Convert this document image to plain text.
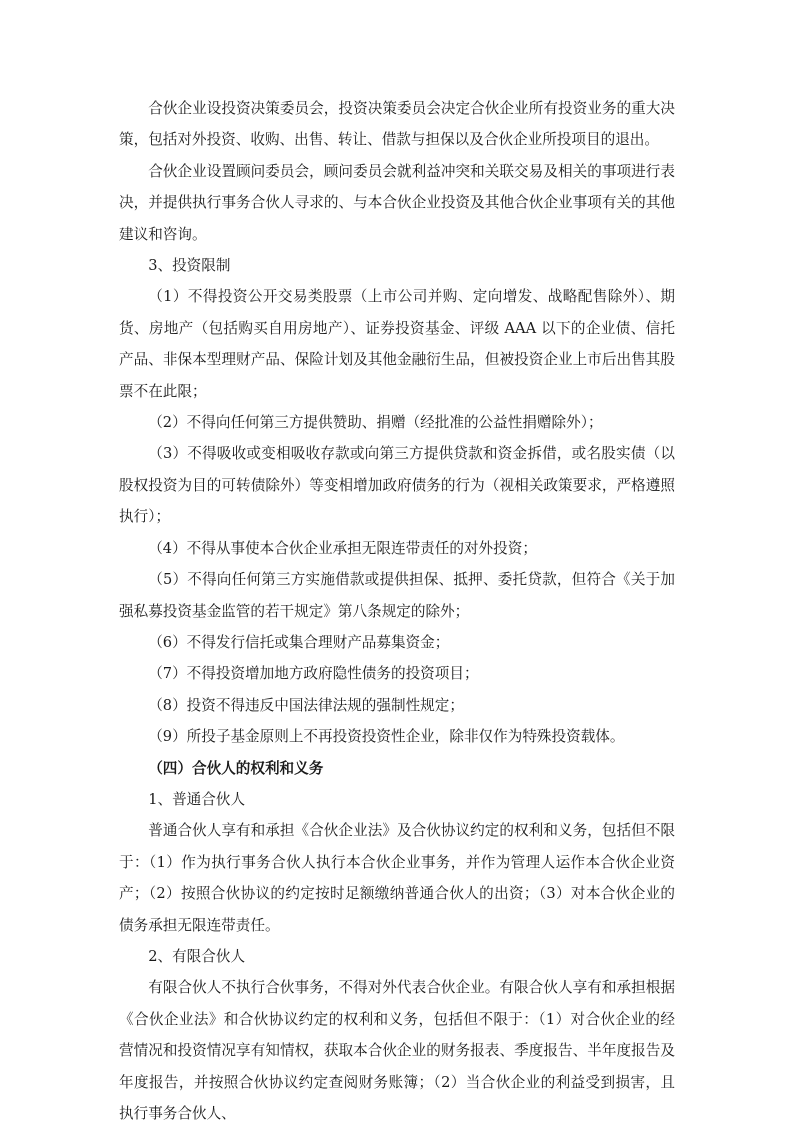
合伙企业设投资决策委员会，投资决策委员会决定合伙企业所有投资业务的重大决策，包括对外投资、收购、出售、转让、借款与担保以及合伙企业所投项目的退出。

合伙企业设置顾问委员会，顾问委员会就利益冲突和关联交易及相关的事项进行表决，并提供执行事务合伙人寻求的、与本合伙企业投资及其他合伙企业事项有关的其他建议和咨询。

3、投资限制

（1）不得投资公开交易类股票（上市公司并购、定向增发、战略配售除外）、期货、房地产（包括购买自用房地产）、证券投资基金、评级 AAA 以下的企业债、信托产品、非保本型理财产品、保险计划及其他金融衍生品，但被投资企业上市后出售其股票不在此限；

（2）不得向任何第三方提供赞助、捐赠（经批准的公益性捐赠除外）；

（3）不得吸收或变相吸收存款或向第三方提供贷款和资金拆借，或名股实债（以股权投资为目的可转债除外）等变相增加政府债务的行为（视相关政策要求，严格遵照执行）；

（4）不得从事使本合伙企业承担无限连带责任的对外投资；

（5）不得向任何第三方实施借款或提供担保、抵押、委托贷款，但符合《关于加强私募投资基金监管的若干规定》第八条规定的除外；

（6）不得发行信托或集合理财产品募集资金；

（7）不得投资增加地方政府隐性债务的投资项目；

（8）投资不得违反中国法律法规的强制性规定；

（9）所投子基金原则上不再投资投资性企业，除非仅作为特殊投资载体。

（四）合伙人的权利和义务

1、普通合伙人

普通合伙人享有和承担《合伙企业法》及合伙协议约定的权利和义务，包括但不限于：（1）作为执行事务合伙人执行本合伙企业事务，并作为管理人运作本合伙企业资产；（2）按照合伙协议的约定按时足额缴纳普通合伙人的出资；（3）对本合伙企业的债务承担无限连带责任。

2、有限合伙人

有限合伙人不执行合伙事务，不得对外代表合伙企业。有限合伙人享有和承担根据《合伙企业法》和合伙协议约定的权利和义务，包括但不限于：（1）对合伙企业的经营情况和投资情况享有知情权，获取本合伙企业的财务报表、季度报告、半年度报告及年度报告，并按照合伙协议约定查阅财务账簿；（2）当合伙企业的利益受到损害，且执行事务合伙人、
